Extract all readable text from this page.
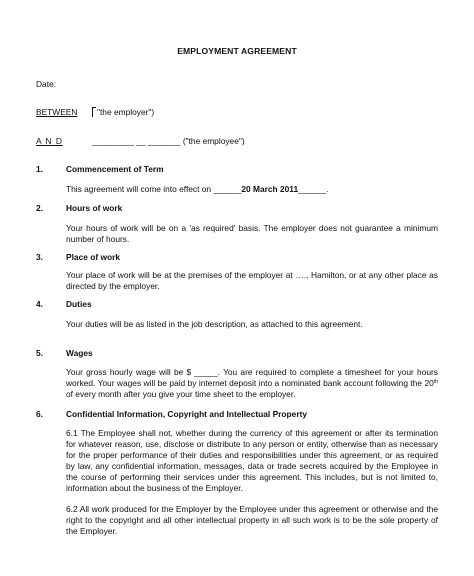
EMPLOYMENT AGREEMENT
Date:
BETWEEN	"the employer")
A N D	_________ __ _______ ("the employee")
1.	Commencement of Term

This agreement will come into effect on ______20 March 2011______.

2.	Hours of work

Your hours of work will be on a 'as required' basis. The employer does not guarantee a minimum number of hours.

3.	Place of work

Your place of work will be at the premises of the employer at …., Hamilton, or at any other place as directed by the employer.

4.	Duties

Your duties will be as listed in the job description, as attached to this agreement.

5.	Wages

Your gross hourly wage will be $ _____. You are required to complete a timesheet for your hours worked. Your wages will be paid by internet deposit into a nominated bank account following the 20th of every month after you give your time sheet to the employer.

6.	Confidential Information, Copyright and Intellectual Property

6.1 The Employee shall not, whether during the currency of this agreement or after its termination for whatever reason, use, disclose or distribute to any person or entity, otherwise than as necessary for the proper performance of their duties and responsibilities under this agreement, or as required by law, any confidential information, messages, data or trade secrets acquired by the Employee in the course of performing their services under this agreement. This includes, but is not limited to, information about the business of the Employer.

6.2 All work produced for the Employer by the Employee under this agreement or otherwise and the right to the copyright and all other intellectual property in all such work is to be the sole property of the Employer.
